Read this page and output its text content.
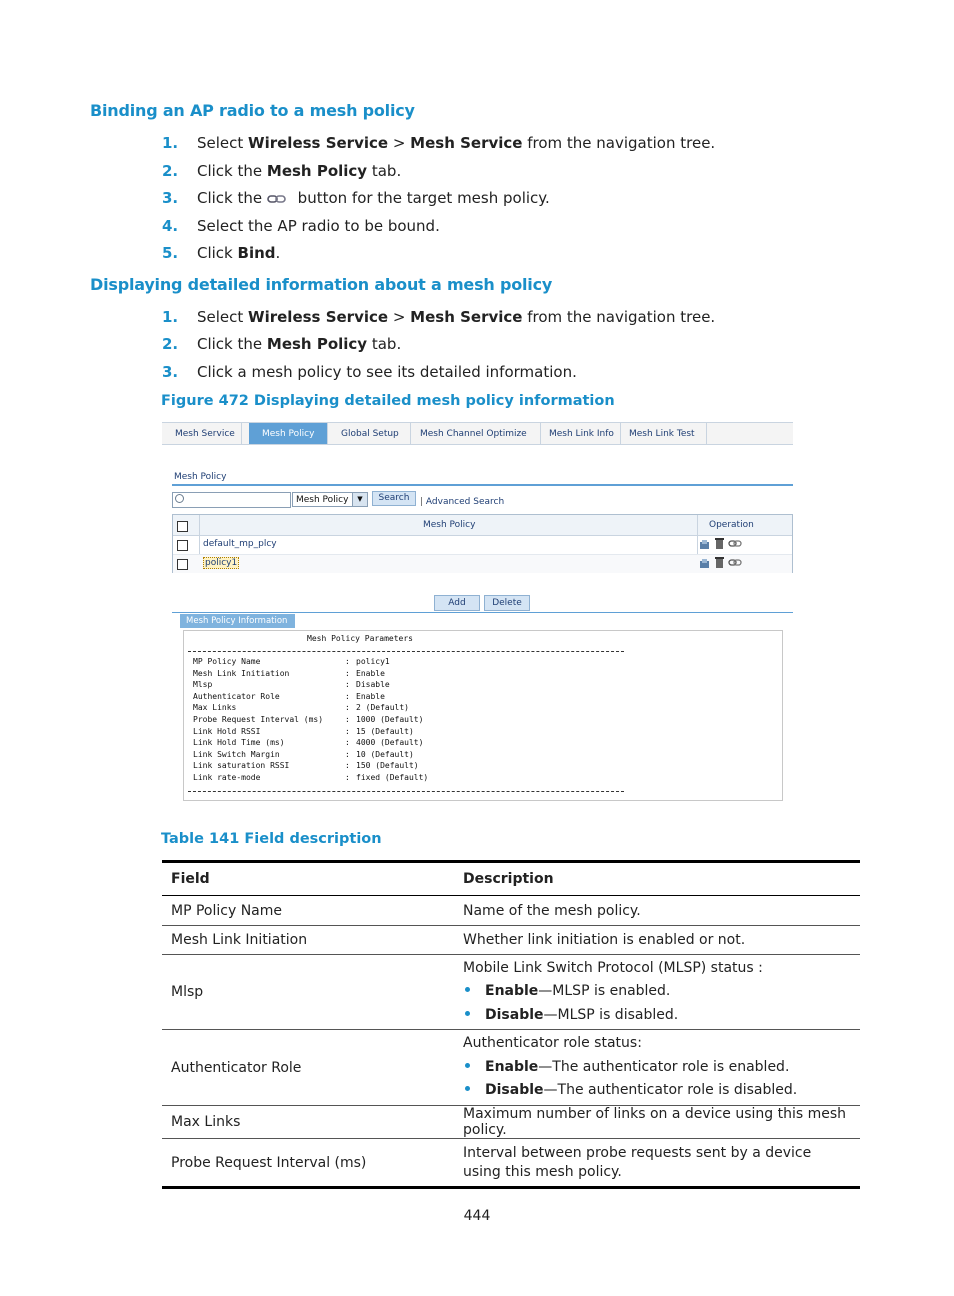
Binding an AP radio to a mesh policy
1. Select Wireless Service > Mesh Service from the navigation tree.
2. Click the Mesh Policy tab.
3. Click the  button for the target mesh policy.
4. Select the AP radio to be bound.
5. Click Bind.
Displaying detailed information about a mesh policy
1. Select Wireless Service > Mesh Service from the navigation tree.
2. Click the Mesh Policy tab.
3. Click a mesh policy to see its detailed information.
Figure 472 Displaying detailed mesh policy information
Mesh Service	Mesh Policy	Global Setup	Mesh Channel Optimize	Mesh Link Info	Mesh Link Test
Mesh Policy
Mesh Policy	▼	Search	| Advanced Search
Mesh Policy	Operation
default_mp_plcy
policy1
Add	Delete
Mesh Policy Information
Mesh Policy Parameters
MP Policy Name	: policy1
Mesh Link Initiation	: Enable
Mlsp	: Disable
Authenticator Role	: Enable
Max Links	: 2 (Default)
Probe Request Interval (ms)	: 1000 (Default)
Link Hold RSSI	: 15 (Default)
Link Hold Time (ms)	: 4000 (Default)
Link Switch Margin	: 10 (Default)
Link saturation RSSI	: 150 (Default)
Link rate-mode	: fixed (Default)
Table 141 Field description
Field	Description
MP Policy Name	Name of the mesh policy.
Mesh Link Initiation	Whether link initiation is enabled or not.
Mlsp	Mobile Link Switch Protocol (MLSP) status :
Enable—MLSP is enabled.
Disable—MLSP is disabled.

Authenticator Role	Authenticator role status:
Enable—The authenticator role is enabled.
Disable—The authenticator role is disabled.

Max Links	Maximum number of links on a device using this mesh policy.
Probe Request Interval (ms)	Interval between probe requests sent by a device using this mesh policy.
444
